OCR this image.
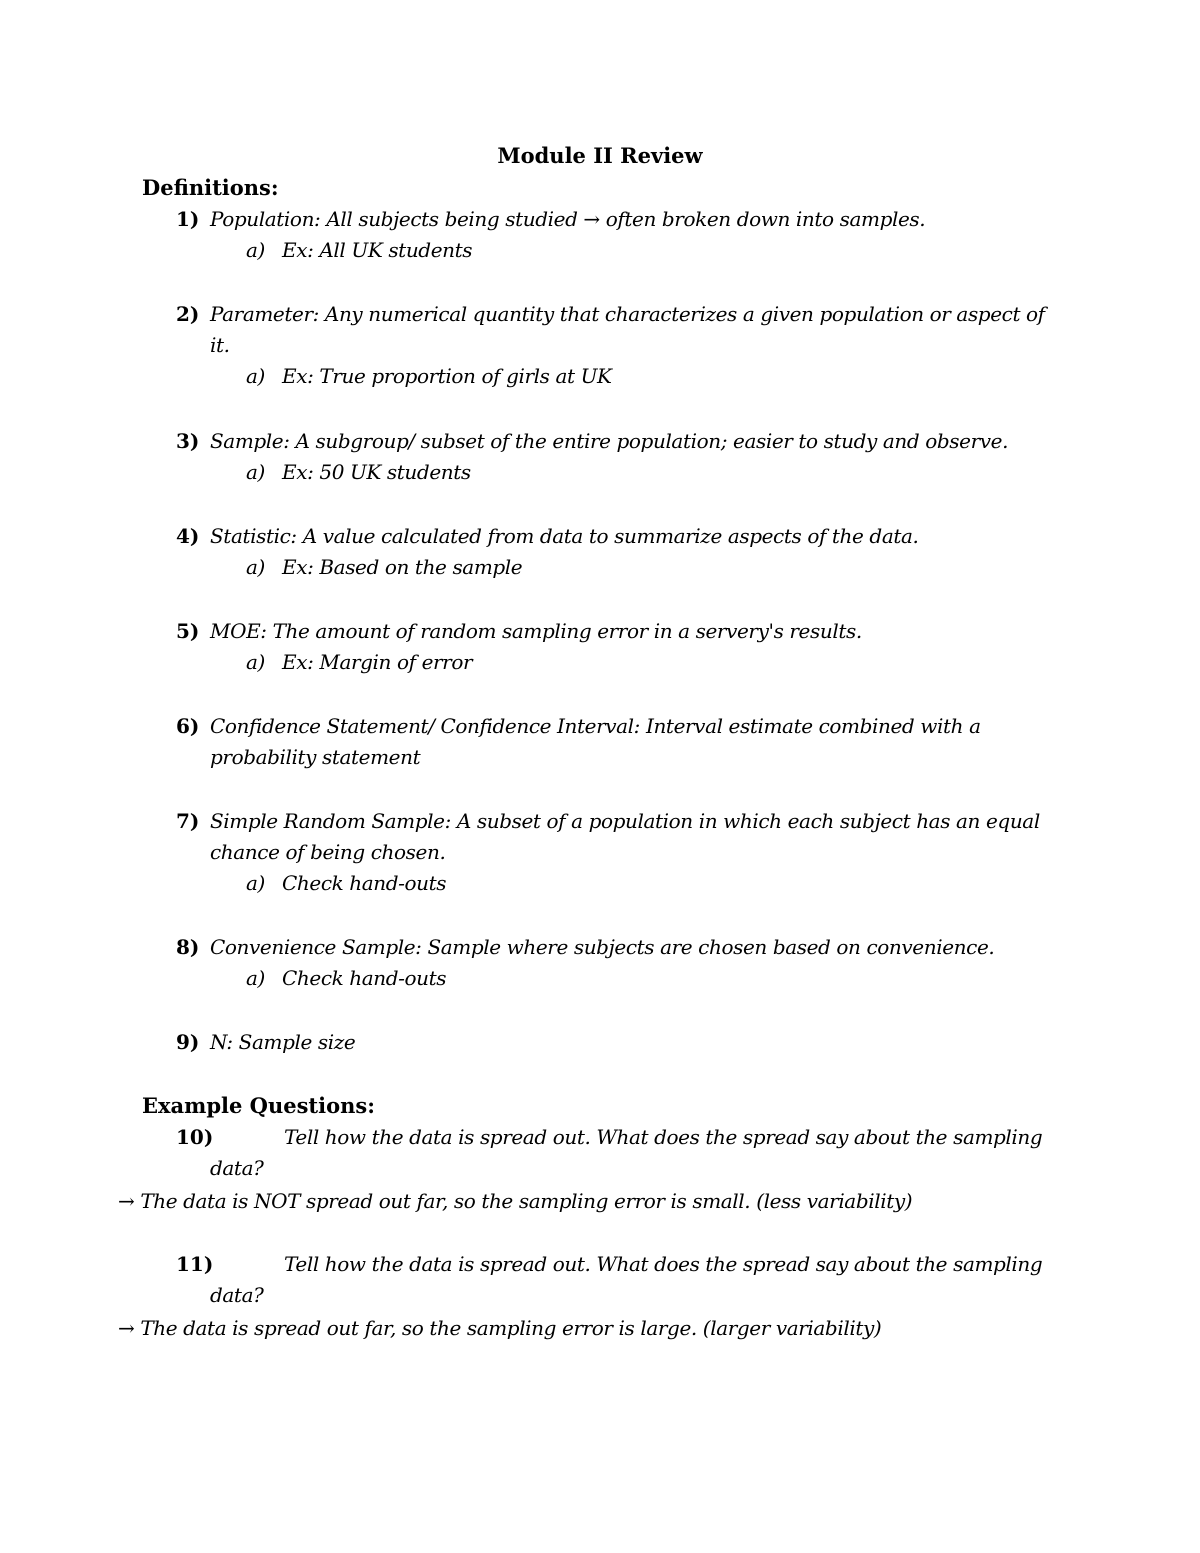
Module II Review
Definitions:
1) Population: All subjects being studied → often broken down into samples.
a) Ex: All UK students
2) Parameter: Any numerical quantity that characterizes a given population or aspect of it.
a) Ex: True proportion of girls at UK
3) Sample: A subgroup/ subset of the entire population; easier to study and observe.
a) Ex: 50 UK students
4) Statistic: A value calculated from data to summarize aspects of the data.
a) Ex: Based on the sample
5) MOE: The amount of random sampling error in a servery's results.
a) Ex: Margin of error
6) Confidence Statement/ Confidence Interval: Interval estimate combined with a probability statement
7) Simple Random Sample: A subset of a population in which each subject has an equal chance of being chosen.
a) Check hand-outs
8) Convenience Sample: Sample where subjects are chosen based on convenience.
a) Check hand-outs
9) N: Sample size
Example Questions:
10)	Tell how the data is spread out. What does the spread say about the sampling data?
→ The data is NOT spread out far, so the sampling error is small. (less variability)
11)	Tell how the data is spread out. What does the spread say about the sampling data?
→ The data is spread out far, so the sampling error is large. (larger variability)
